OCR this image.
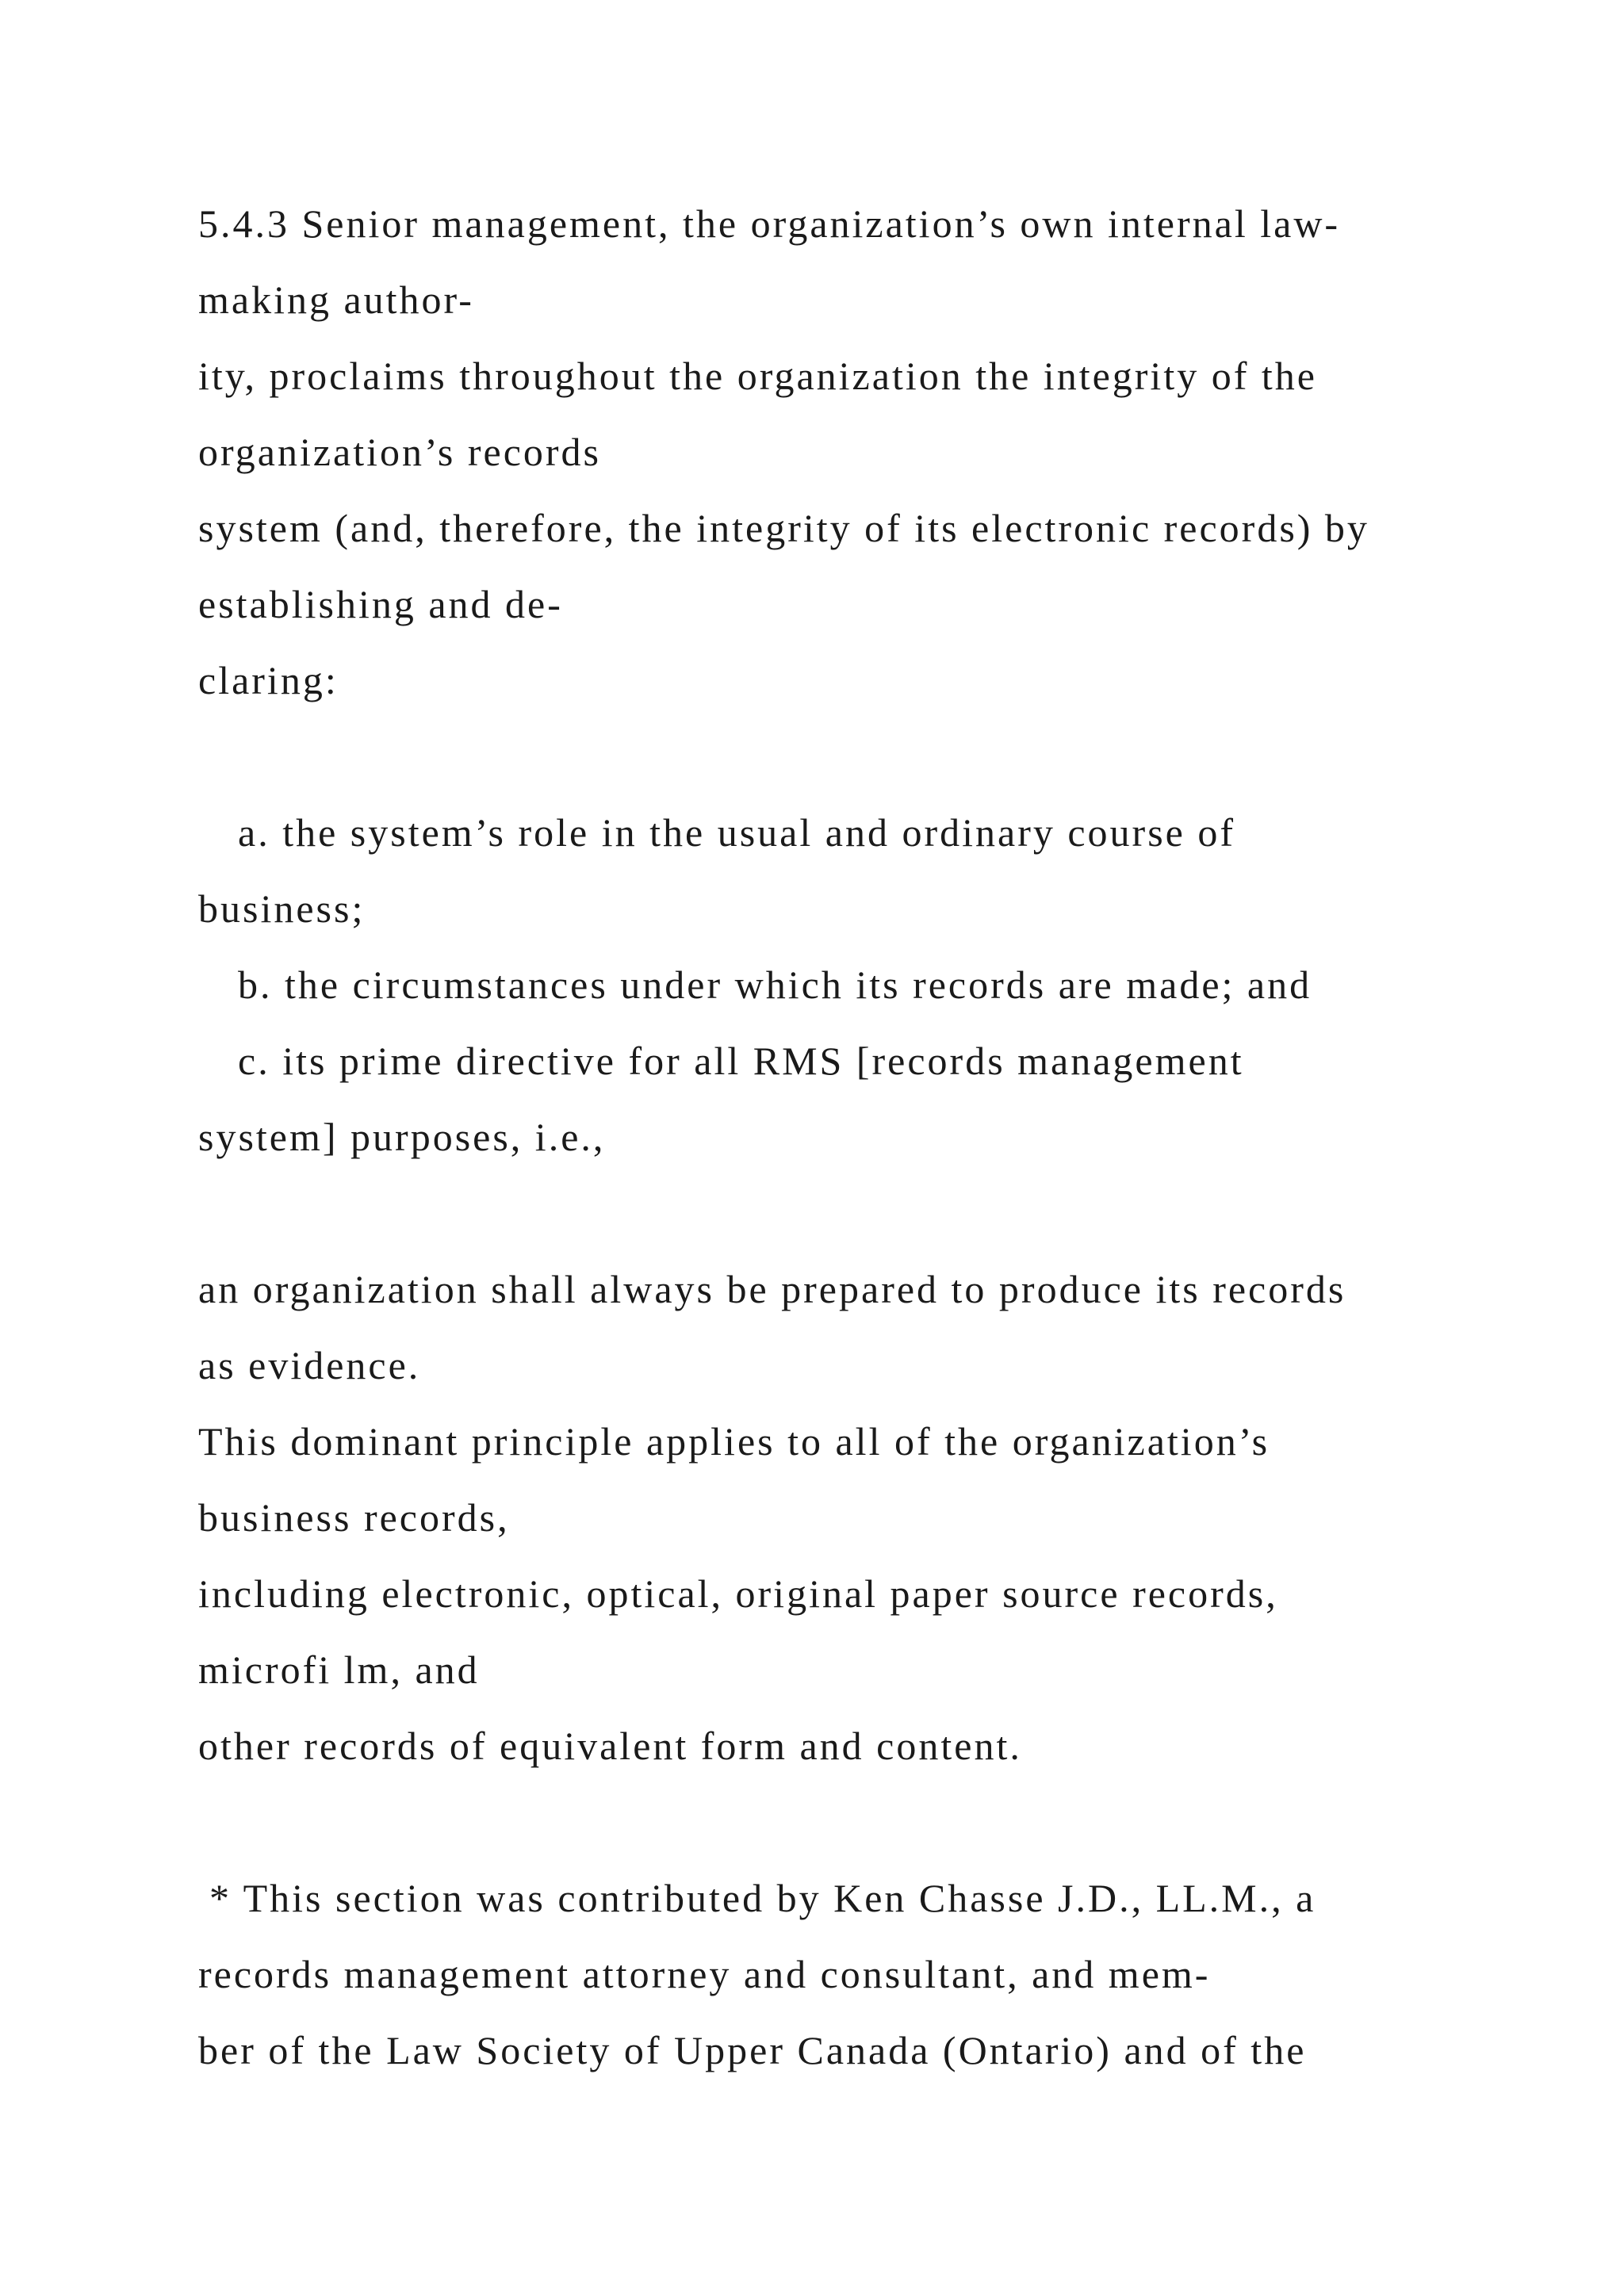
5.4.3 Senior management, the organization’s own internal law-

making author-

ity, proclaims throughout the organization the integrity of the

organization’s records

system (and, therefore, the integrity of its electronic records) by

establishing and de-

claring:

a. the system’s role in the usual and ordinary course of

business;

b. the circumstances under which its records are made; and

c. its prime directive for all RMS [records management

system] purposes, i.e.,

an organization shall always be prepared to produce its records

as evidence.

This dominant principle applies to all of the organization’s

business records,

including electronic, optical, original paper source records,

microfi lm, and

other records of equivalent form and content.

* This section was contributed by Ken Chasse J.D., LL.M., a

records management attorney and consultant, and mem-

ber of the Law Society of Upper Canada (Ontario) and of the
